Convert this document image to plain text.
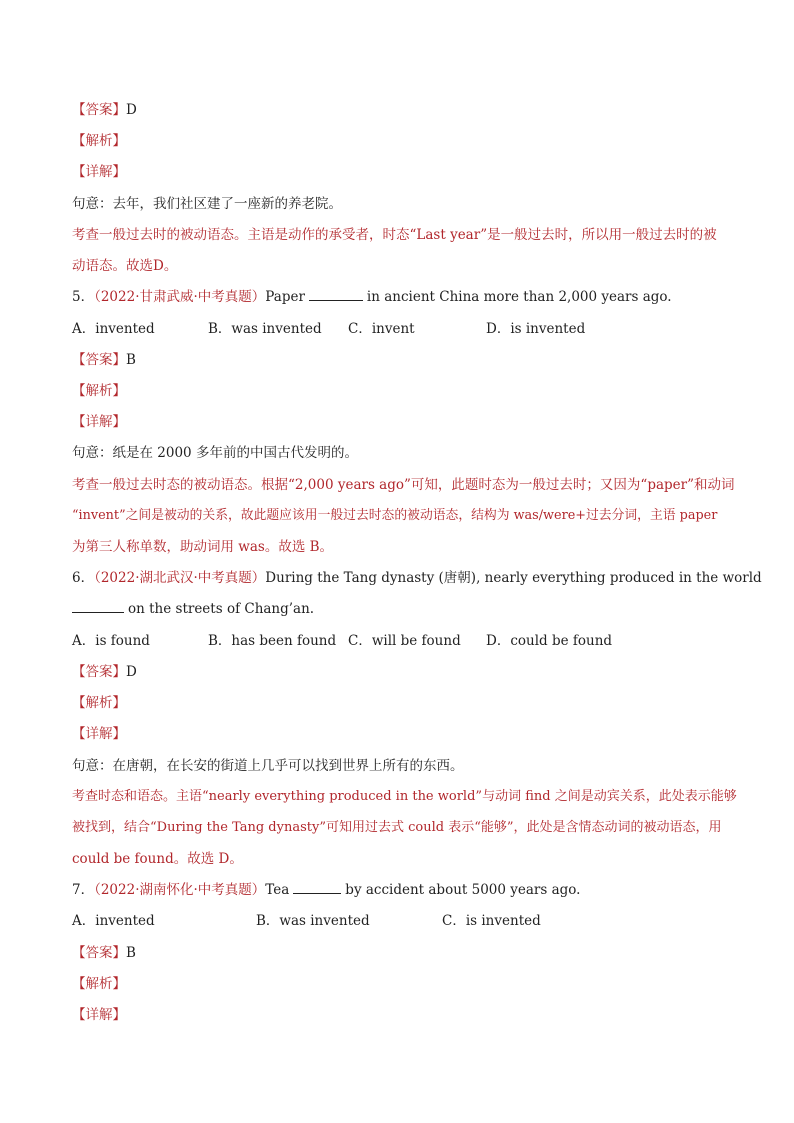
【答案】D
【解析】
【详解】
句意：去年，我们社区建了一座新的养老院。
考查一般过去时的被动语态。主语是动作的承受者，时态“Last year”是一般过去时，所以用一般过去时的被
动语态。故选D。
5．（2022·甘肃武威·中考真题）Paper	in ancient China more than 2,000 years ago.
A．invented	B．was invented C．invent	D．is invented
【答案】B
【解析】
【详解】
句意：纸是在 2000 多年前的中国古代发明的。
考查一般过去时态的被动语态。根据“2,000 years ago”可知，此题时态为一般过去时；又因为“paper”和动词
“invent”之间是被动的关系，故此题应该用一般过去时态的被动语态，结构为 was/were+过去分词，主语 paper
为第三人称单数，助动词用 was。故选 B。
6．（2022·湖北武汉·中考真题）During the Tang dynasty (唐朝), nearly everything produced in the world
on the streets of Chang’an.
A．is found	B．has been found C．will be found D．could be found
【答案】D
【解析】
【详解】
句意：在唐朝，在长安的街道上几乎可以找到世界上所有的东西。
考查时态和语态。主语“nearly everything produced in the world”与动词 find 之间是动宾关系，此处表示能够
被找到，结合“During the Tang dynasty”可知用过去式 could 表示“能够”，此处是含情态动词的被动语态，用
could be found。故选 D。
7．（2022·湖南怀化·中考真题）Tea	by accident about 5000 years ago.
A．invented	B．was invented	C．is invented
【答案】B
【解析】
【详解】
